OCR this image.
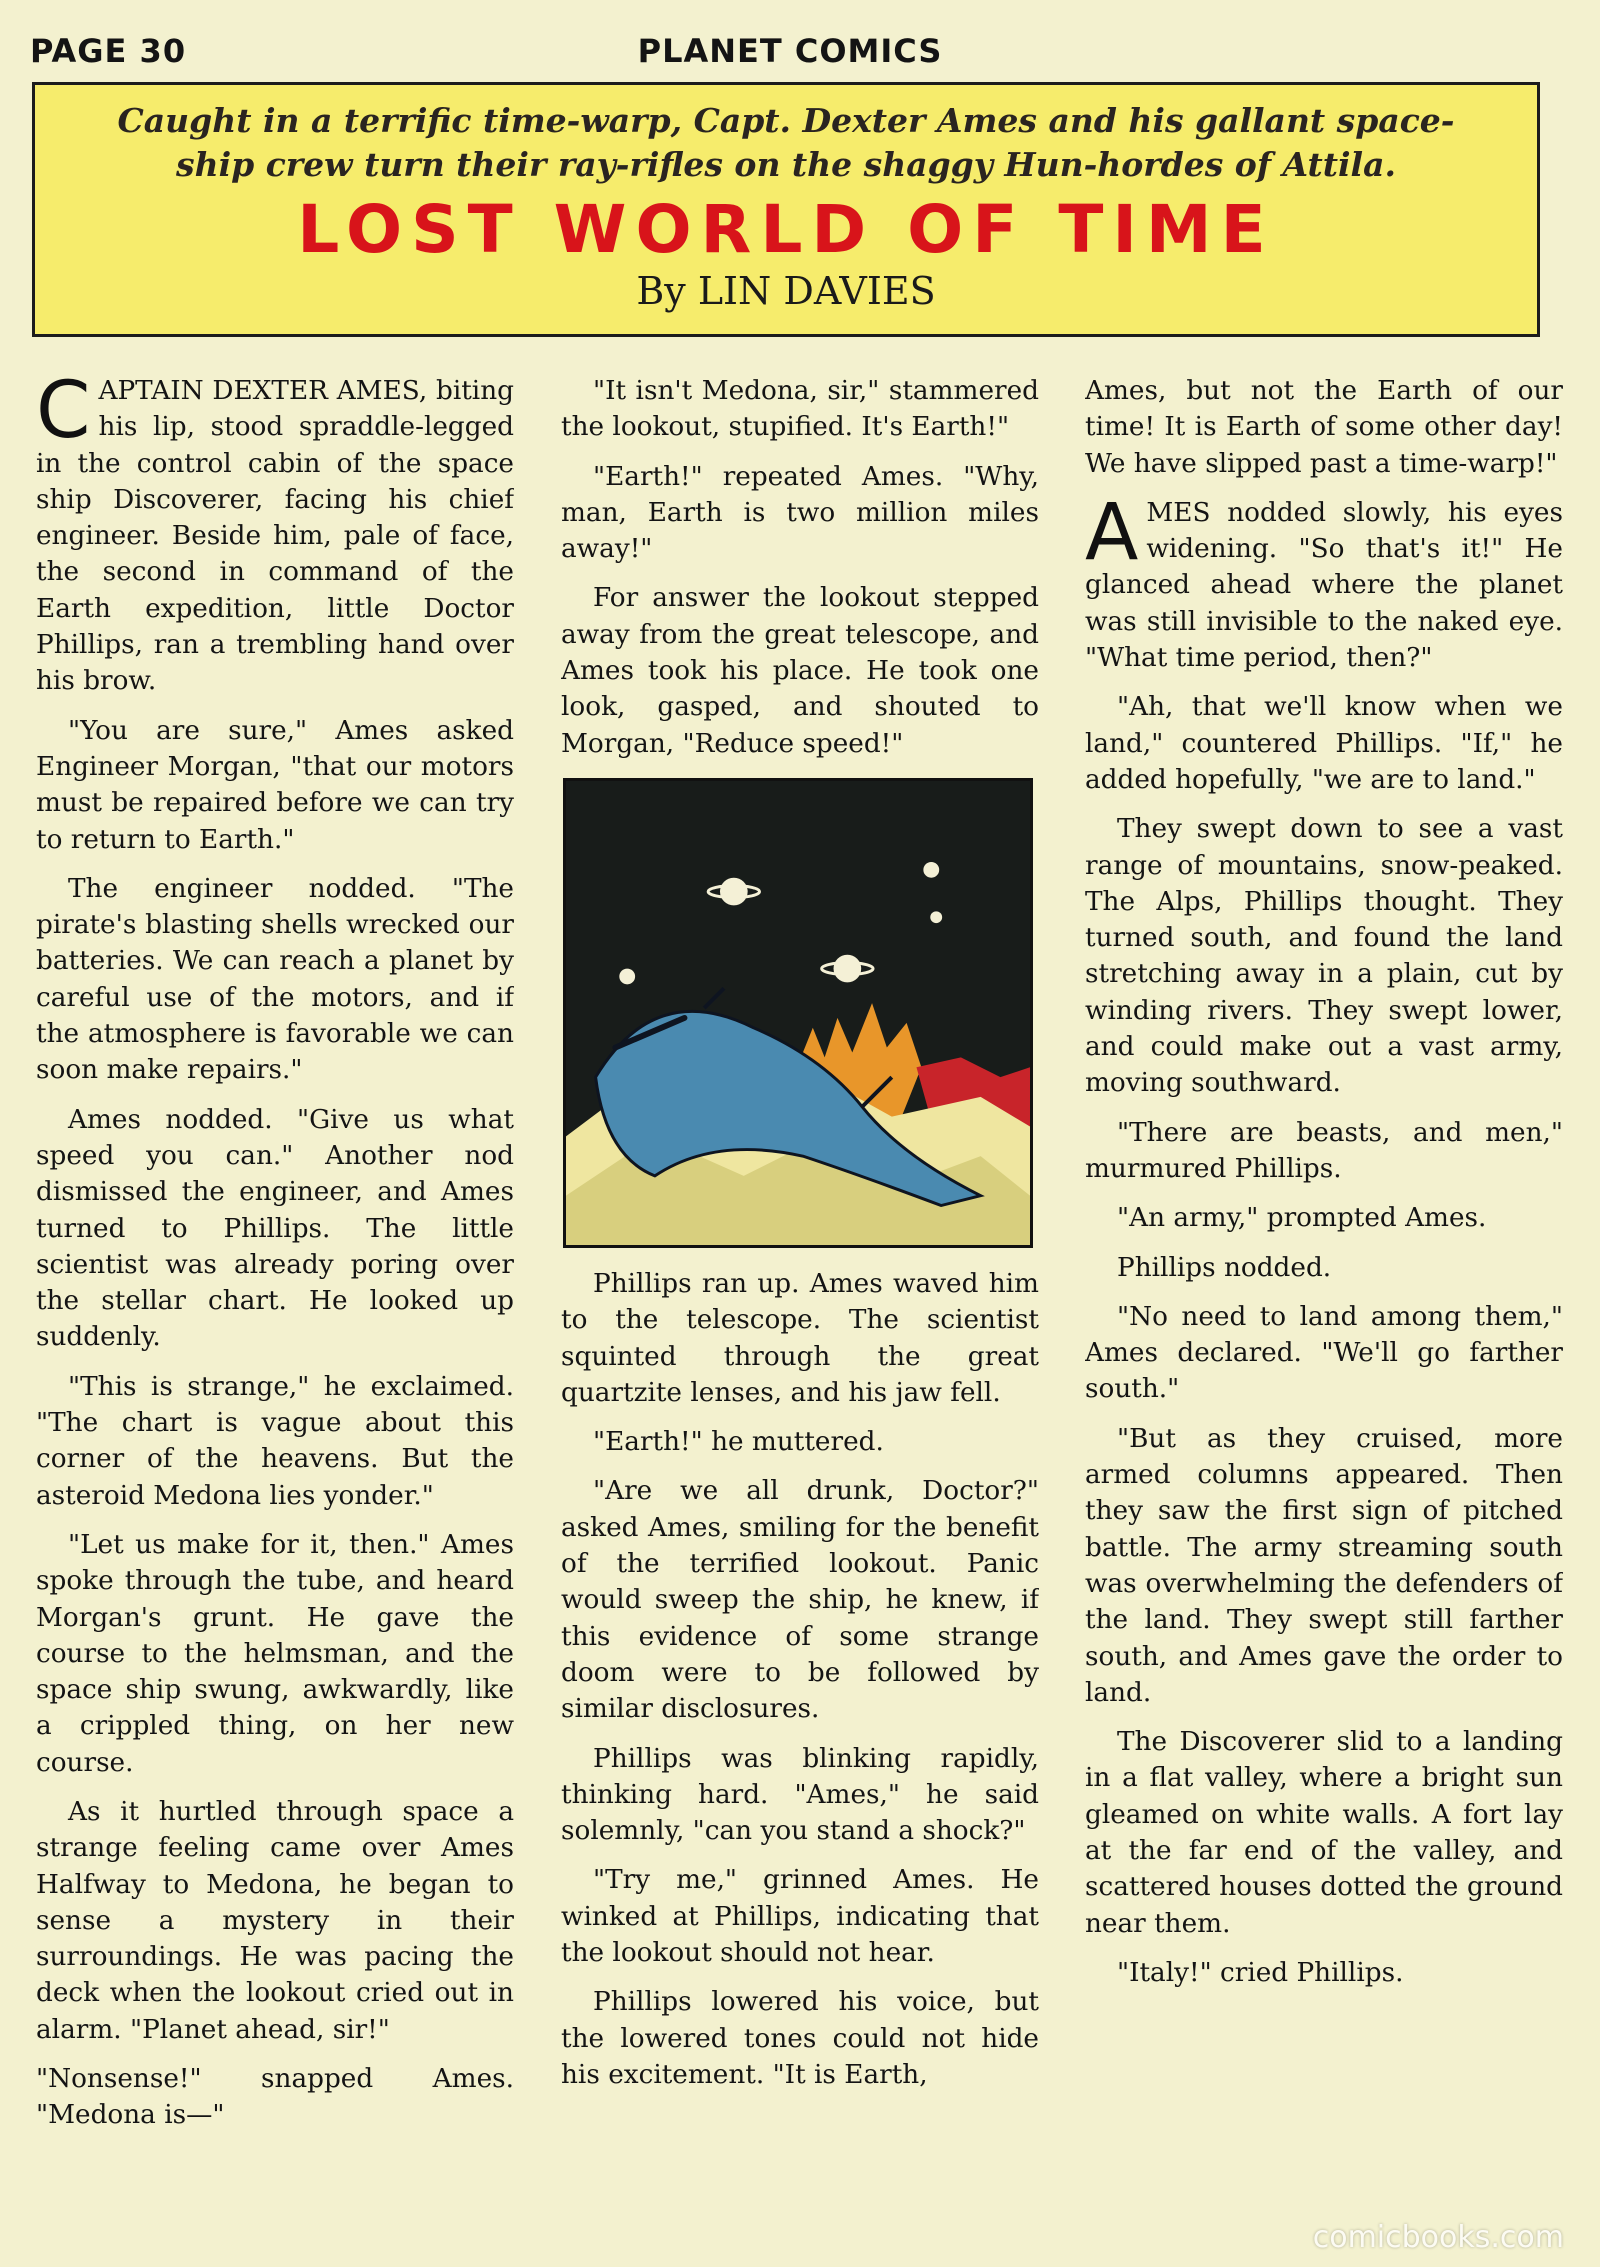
PAGE 30	PLANET COMICS
Caught in a terrific time-warp, Capt. Dexter Ames and his gallant space-
ship crew turn their ray-rifles on the shaggy Hun-hordes of Attila.
LOST WORLD OF TIME
By LIN DAVIES

CAPTAIN DEXTER AMES, biting his lip, stood spraddle-legged in the control cabin of the space ship Discoverer, facing his chief engineer. Beside him, pale of face, the second in command of the Earth expedition, little Doctor Phillips, ran a trembling hand over his brow.

"You are sure," Ames asked Engineer Morgan, "that our motors must be repaired before we can try to return to Earth."

The engineer nodded. "The pirate's blasting shells wrecked our batteries. We can reach a planet by careful use of the motors, and if the atmosphere is favorable we can soon make repairs."

Ames nodded. "Give us what speed you can." Another nod dismissed the engineer, and Ames turned to Phillips. The little scientist was already poring over the stellar chart. He looked up suddenly.

"This is strange," he exclaimed. "The chart is vague about this corner of the heavens. But the asteroid Medona lies yonder."

"Let us make for it, then." Ames spoke through the tube, and heard Morgan's grunt. He gave the course to the helmsman, and the space ship swung, awkwardly, like a crippled thing, on her new course.

As it hurtled through space a strange feeling came over Ames Halfway to Medona, he began to sense a mystery in their surroundings. He was pacing the deck when the lookout cried out in alarm. "Planet ahead, sir!"

"Nonsense!" snapped Ames. "Medona is—"

"It isn't Medona, sir," stammered the lookout, stupified. It's Earth!"

"Earth!" repeated Ames. "Why, man, Earth is two million miles away!"

For answer the lookout stepped away from the great telescope, and Ames took his place. He took one look, gasped, and shouted to Morgan, "Reduce speed!"

Phillips ran up. Ames waved him to the telescope. The scientist squinted through the great quartzite lenses, and his jaw fell.

"Earth!" he muttered.

"Are we all drunk, Doctor?" asked Ames, smiling for the benefit of the terrified lookout. Panic would sweep the ship, he knew, if this evidence of some strange doom were to be followed by similar disclosures.

Phillips was blinking rapidly, thinking hard. "Ames," he said solemnly, "can you stand a shock?"

"Try me," grinned Ames. He winked at Phillips, indicating that the lookout should not hear.

Phillips lowered his voice, but the lowered tones could not hide his excitement. "It is Earth,

Ames, but not the Earth of our time! It is Earth of some other day! We have slipped past a time-warp!"

AMES nodded slowly, his eyes widening. "So that's it!" He glanced ahead where the planet was still invisible to the naked eye. "What time period, then?"

"Ah, that we'll know when we land," countered Phillips. "If," he added hopefully, "we are to land."

They swept down to see a vast range of mountains, snow-peaked. The Alps, Phillips thought. They turned south, and found the land stretching away in a plain, cut by winding rivers. They swept lower, and could make out a vast army, moving southward.

"There are beasts, and men," murmured Phillips.

"An army," prompted Ames.

Phillips nodded.

"No need to land among them," Ames declared. "We'll go farther south."

"But as they cruised, more armed columns appeared. Then they saw the first sign of pitched battle. The army streaming south was overwhelming the defenders of the land. They swept still farther south, and Ames gave the order to land.

The Discoverer slid to a landing in a flat valley, where a bright sun gleamed on white walls. A fort lay at the far end of the valley, and scattered houses dotted the ground near them.

"Italy!" cried Phillips.

comicbooks.com
